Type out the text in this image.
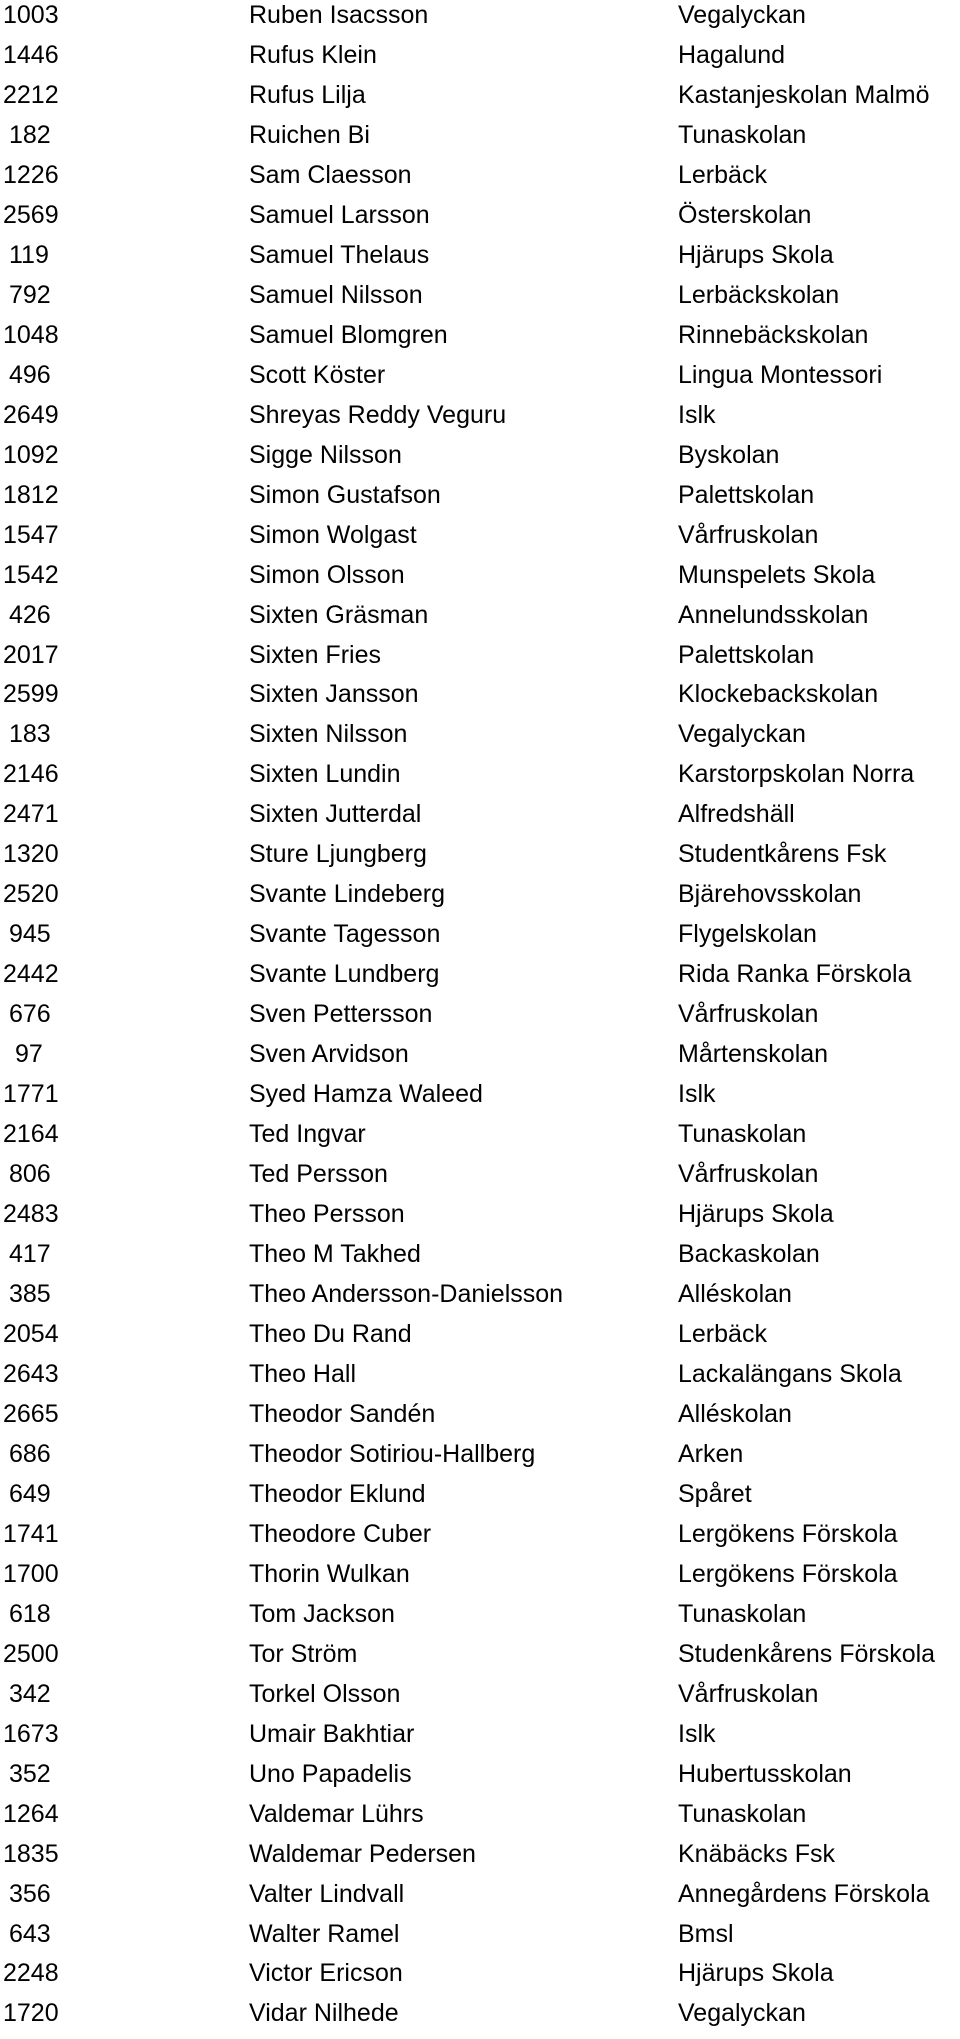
1003	Ruben Isacsson	Vegalyckan
1446	Rufus Klein	Hagalund
2212	Rufus Lilja	Kastanjeskolan Malmö
182	Ruichen Bi	Tunaskolan
1226	Sam Claesson	Lerbäck
2569	Samuel Larsson	Österskolan
119	Samuel Thelaus	Hjärups Skola
792	Samuel Nilsson	Lerbäckskolan
1048	Samuel Blomgren	Rinnebäckskolan
496	Scott Köster	Lingua Montessori
2649	Shreyas Reddy Veguru	Islk
1092	Sigge Nilsson	Byskolan
1812	Simon Gustafson	Palettskolan
1547	Simon Wolgast	Vårfruskolan
1542	Simon Olsson	Munspelets Skola
426	Sixten Gräsman	Annelundsskolan
2017	Sixten Fries	Palettskolan
2599	Sixten Jansson	Klockebackskolan
183	Sixten Nilsson	Vegalyckan
2146	Sixten Lundin	Karstorpskolan Norra
2471	Sixten Jutterdal	Alfredshäll
1320	Sture Ljungberg	Studentkårens Fsk
2520	Svante Lindeberg	Bjärehovsskolan
945	Svante Tagesson	Flygelskolan
2442	Svante Lundberg	Rida Ranka Förskola
676	Sven Pettersson	Vårfruskolan
97	Sven Arvidson	Mårtenskolan
1771	Syed Hamza Waleed	Islk
2164	Ted Ingvar	Tunaskolan
806	Ted Persson	Vårfruskolan
2483	Theo Persson	Hjärups Skola
417	Theo M Takhed	Backaskolan
385	Theo Andersson-Danielsson	Alléskolan
2054	Theo Du Rand	Lerbäck
2643	Theo Hall	Lackalängans Skola
2665	Theodor Sandén	Alléskolan
686	Theodor Sotiriou-Hallberg	Arken
649	Theodor Eklund	Spåret
1741	Theodore Cuber	Lergökens Förskola
1700	Thorin Wulkan	Lergökens Förskola
618	Tom Jackson	Tunaskolan
2500	Tor Ström	Studenkårens Förskola
342	Torkel Olsson	Vårfruskolan
1673	Umair Bakhtiar	Islk
352	Uno Papadelis	Hubertusskolan
1264	Valdemar Lührs	Tunaskolan
1835	Waldemar Pedersen	Knäbäcks Fsk
356	Valter Lindvall	Annegårdens Förskola
643	Walter Ramel	Bmsl
2248	Victor Ericson	Hjärups Skola
1720	Vidar Nilhede	Vegalyckan
